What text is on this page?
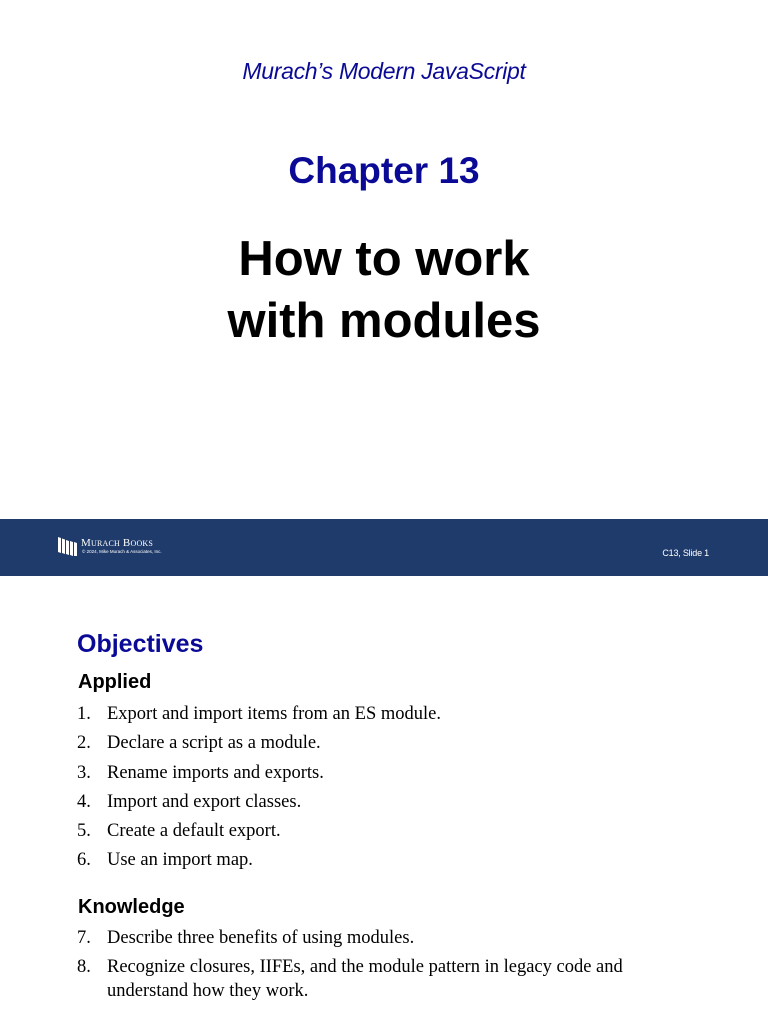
Murach’s Modern JavaScript
Chapter 13
How to work
with modules
Murach Books
© 2024, Mike Murach & Associates, Inc.	C13, Slide 1
Objectives
Applied
1. Export and import items from an ES module.
2. Declare a script as a module.
3. Rename imports and exports.
4. Import and export classes.
5. Create a default export.
6. Use an import map.
Knowledge
7. Describe three benefits of using modules.
8. Recognize closures, IIFEs, and the module pattern in legacy code and understand how they work.
